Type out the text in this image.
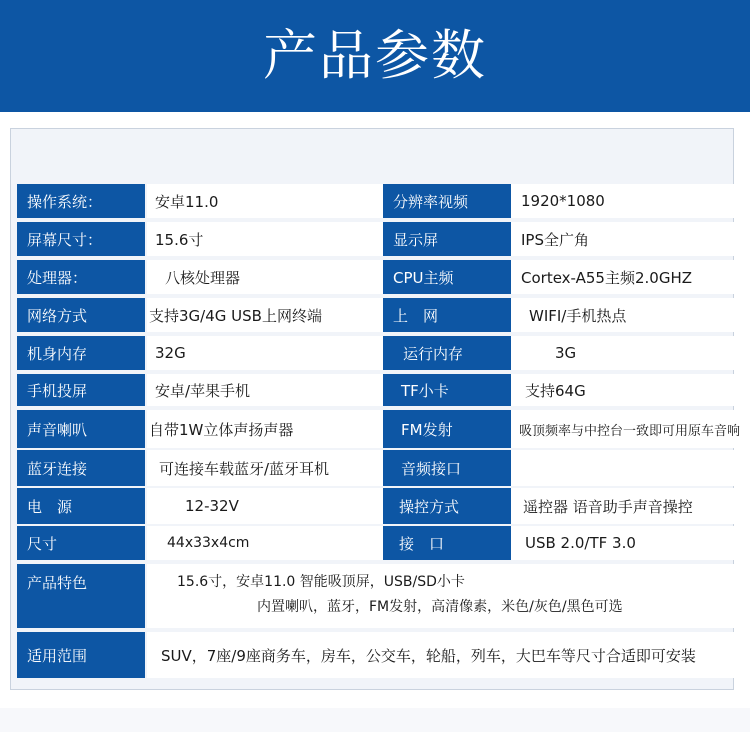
产品参数
操作系统：	安卓11.0	分辨率视频	1920*1080
屏幕尺寸：	15.6寸	显示屏	IPS全广角
处理器：	八核处理器	CPU主频	Cortex-A55主频2.0GHZ
网络方式	支持3G/4G USB上网终端	上　网	WIFI/手机热点
机身内存	32G	运行内存	3G
手机投屏	安卓/苹果手机	TF小卡	支持64G
声音喇叭	自带1W立体声扬声器	FM发射	吸顶频率与中控台一致即可用原车音响
蓝牙连接	可连接车载蓝牙/蓝牙耳机	音频接口
电　源	12-32V	操控方式	遥控器 语音助手声音操控
尺寸	44x33x4cm	接　口	USB 2.0/TF 3.0
产品特色	15.6寸，安卓11.0 智能吸顶屏，USB/SD小卡
内置喇叭，蓝牙，FM发射，高清像素，米色/灰色/黑色可选
适用范围	SUV，7座/9座商务车，房车，公交车，轮船，列车，大巴车等尺寸合适即可安装
